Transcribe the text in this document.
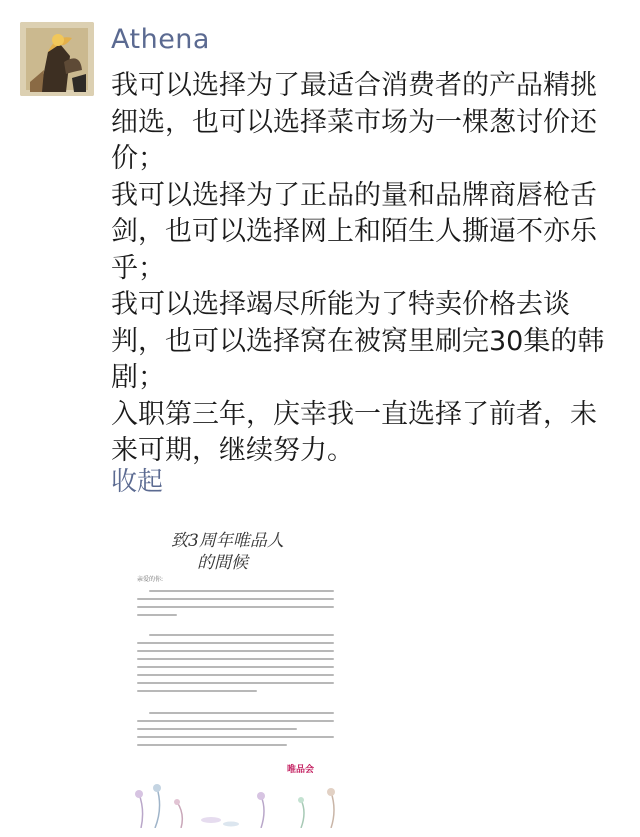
Athena
我可以选择为了最适合消费者的产品精挑细选，也可以选择菜市场为一棵葱讨价还价；
我可以选择为了正品的量和品牌商唇枪舌剑，也可以选择网上和陌生人撕逼不亦乐乎；
我可以选择竭尽所能为了特卖价格去谈判，也可以选择窝在被窝里刷完30集的韩剧；
入职第三年，庆幸我一直选择了前者，未来可期，继续努力。
收起
致3周年唯品人
的間候
亲爱的你:
唯品会
